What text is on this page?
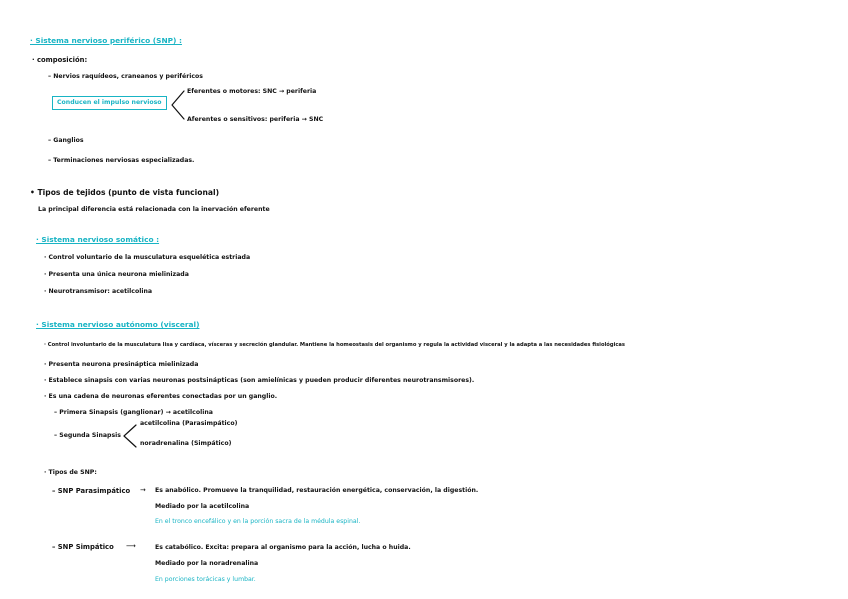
· Sistema nervioso periférico (SNP) :
· composición:
– Nervios raquídeos, craneanos y periféricos
Conducen el impulso nervioso
Eferentes o motores: SNC → periferia
Aferentes o sensitivos: periferia → SNC
– Ganglios
– Terminaciones nerviosas especializadas.
• Tipos de tejidos (punto de vista funcional)
La principal diferencia está relacionada con la inervación eferente
· Sistema nervioso somático :
· Control voluntario de la musculatura esquelética estriada
· Presenta una única neurona mielinizada
· Neurotransmisor: acetilcolina
· Sistema nervioso autónomo (visceral)
· Control involuntario de la musculatura lisa y cardíaca, vísceras y secreción glandular. Mantiene la homeostasis del organismo y regula la actividad visceral y la adapta a las necesidades fisiológicas
· Presenta neurona presináptica mielinizada
· Establece sinapsis con varias neuronas postsinápticas (son amielínicas y pueden producir diferentes neurotransmisores).
· Es una cadena de neuronas eferentes conectadas por un ganglio.
– Primera Sinapsis (ganglionar) → acetilcolina
– Segunda Sinapsis
acetilcolina (Parasimpático)
noradrenalina (Simpático)
· Tipos de SNP:
– SNP Parasimpático → Es anabólico. Promueve la tranquilidad, restauración energética, conservación, la digestión.
Mediado por la acetilcolina
En el tronco encefálico y en la porción sacra de la médula espinal.
– SNP Simpático ⟶	Es catabólico. Excita: prepara al organismo para la acción, lucha o huida.
Mediado por la noradrenalina
En porciones torácicas y lumbar.
